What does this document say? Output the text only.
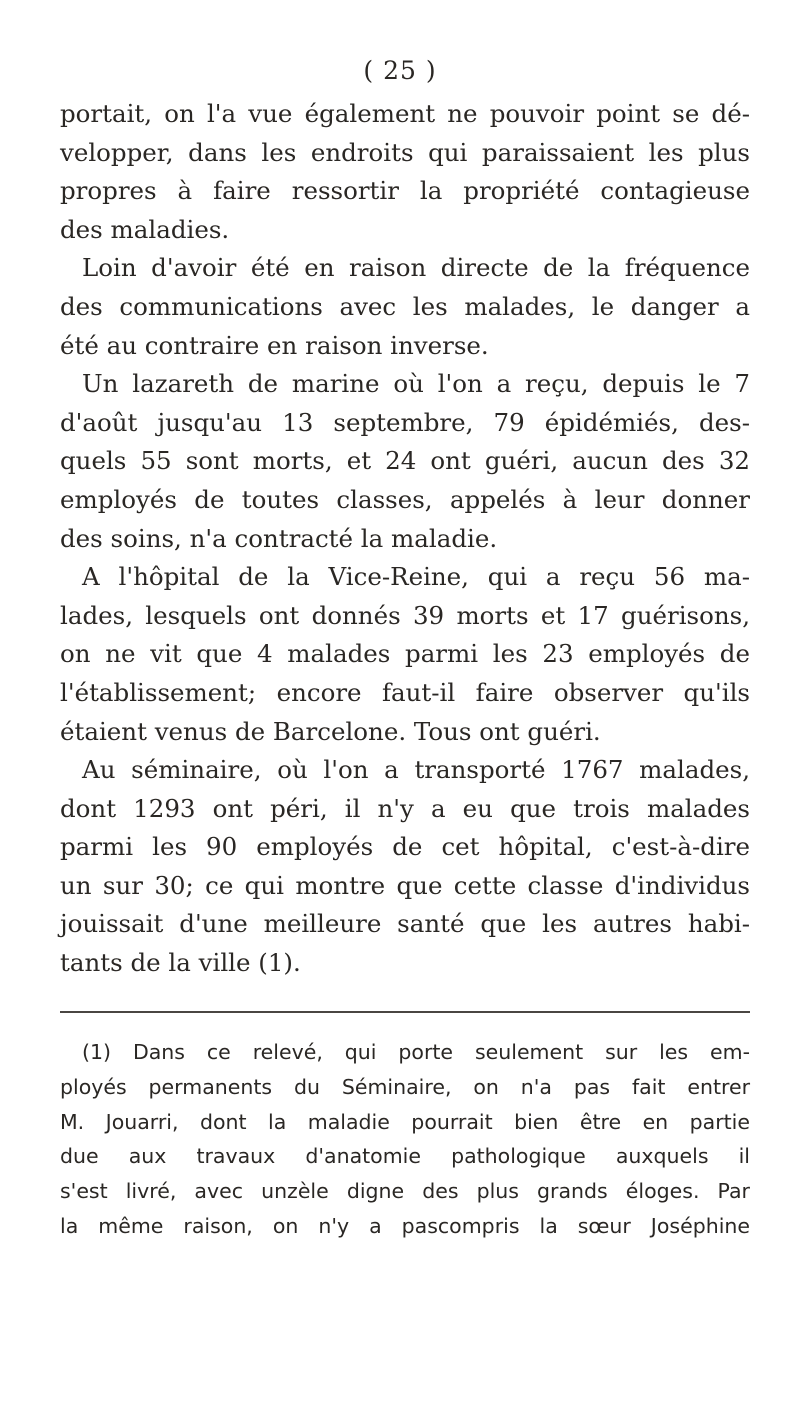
( 25 )
portait, on l'a vue également ne pouvoir point se dé-
velopper, dans les endroits qui paraissaient les plus
propres à faire ressortir la propriété contagieuse
des maladies.
Loin d'avoir été en raison directe de la fréquence
des communications avec les malades, le danger a
été au contraire en raison inverse.
Un lazareth de marine où l'on a reçu, depuis le 7
d'août jusqu'au 13 septembre, 79 épidémiés, des-
quels 55 sont morts, et 24 ont guéri, aucun des 32
employés de toutes classes, appelés à leur donner
des soins, n'a contracté la maladie.
A l'hôpital de la Vice-Reine, qui a reçu 56 ma-
lades, lesquels ont donnés 39 morts et 17 guérisons,
on ne vit que 4 malades parmi les 23 employés de
l'établissement; encore faut-il faire observer qu'ils
étaient venus de Barcelone. Tous ont guéri.
Au séminaire, où l'on a transporté 1767 malades,
dont 1293 ont péri, il n'y a eu que trois malades
parmi les 90 employés de cet hôpital, c'est-à-dire
un sur 30; ce qui montre que cette classe d'individus
jouissait d'une meilleure santé que les autres habi-
tants de la ville (1).
(1) Dans ce relevé, qui porte seulement sur les em-
ployés permanents du Séminaire, on n'a pas fait entrer
M. Jouarri, dont la maladie pourrait bien être en partie
due aux travaux d'anatomie pathologique auxquels il
s'est livré, avec unzèle digne des plus grands éloges. Par
la même raison, on n'y a pascompris la sœur Joséphine
